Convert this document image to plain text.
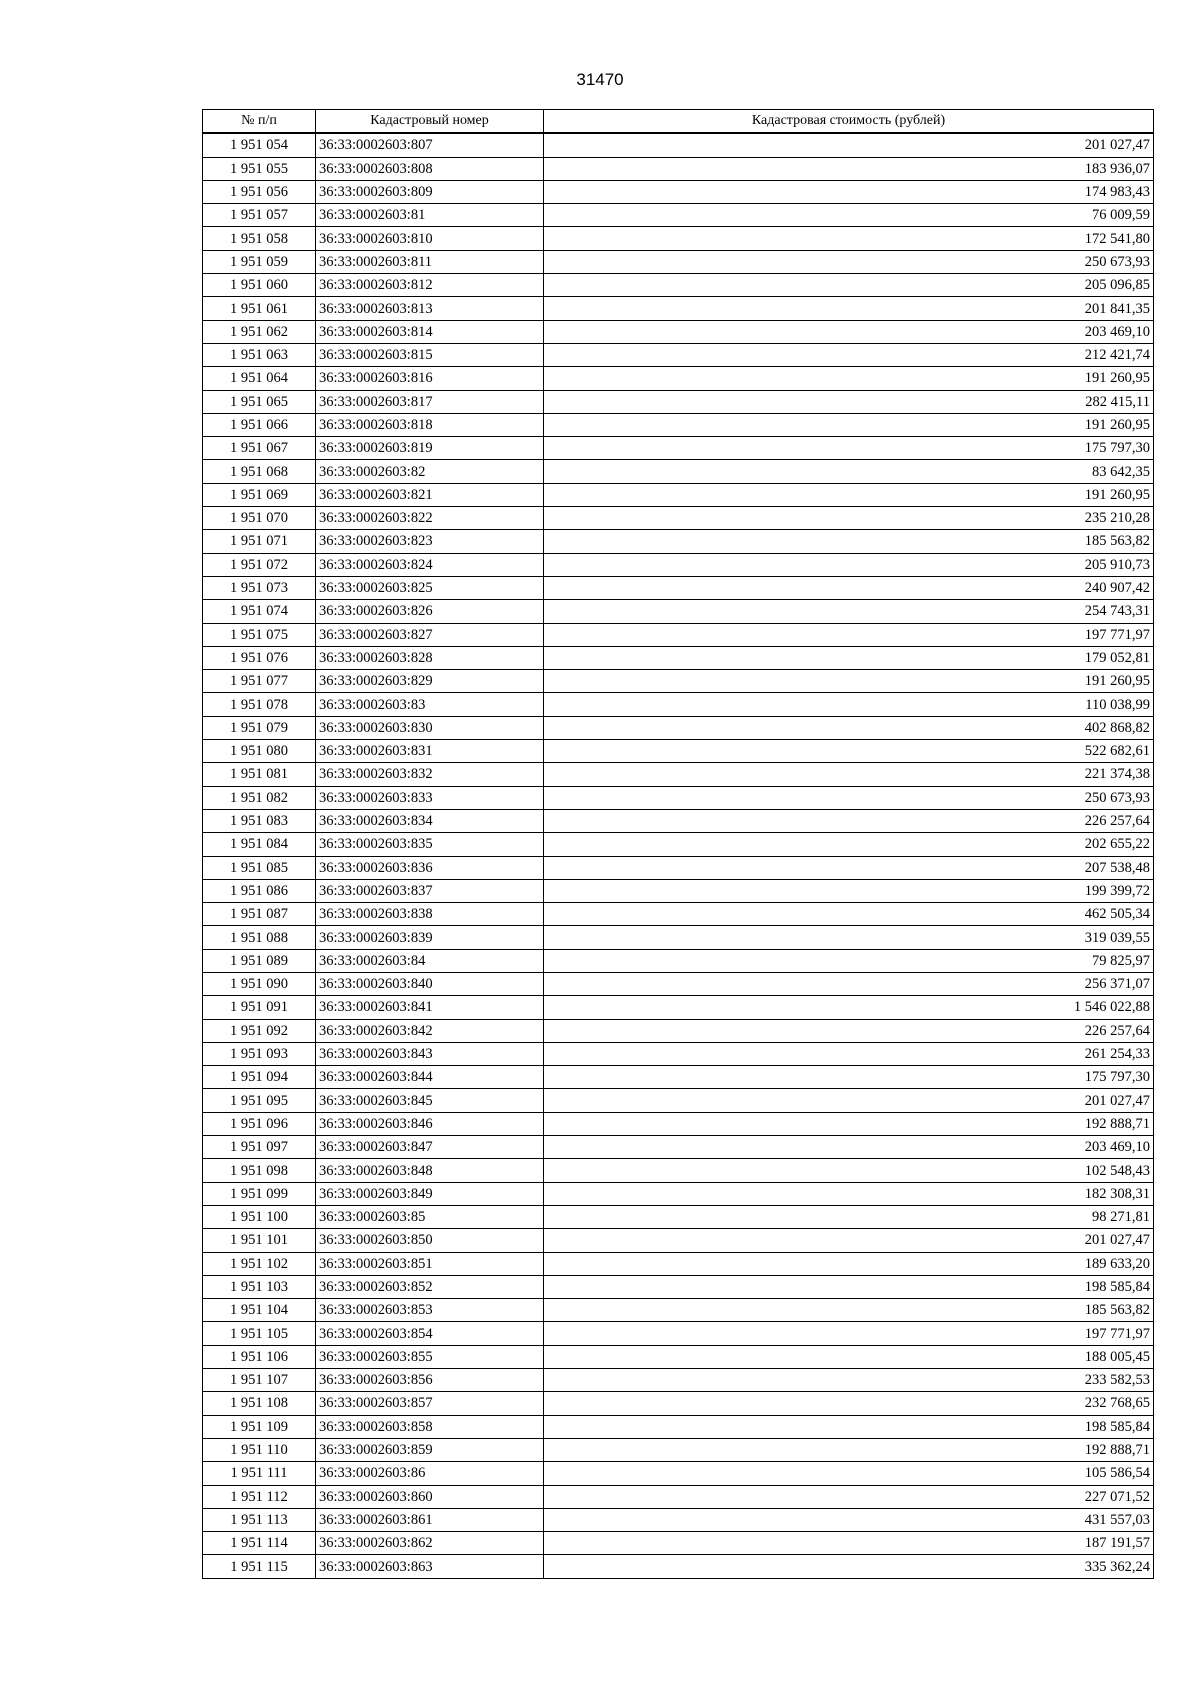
31470
№ п/п	Кадастровый номер	Кадастровая стоимость (рублей)
1 951 054	36:33:0002603:807	201 027,47
1 951 055	36:33:0002603:808	183 936,07
1 951 056	36:33:0002603:809	174 983,43
1 951 057	36:33:0002603:81	76 009,59
1 951 058	36:33:0002603:810	172 541,80
1 951 059	36:33:0002603:811	250 673,93
1 951 060	36:33:0002603:812	205 096,85
1 951 061	36:33:0002603:813	201 841,35
1 951 062	36:33:0002603:814	203 469,10
1 951 063	36:33:0002603:815	212 421,74
1 951 064	36:33:0002603:816	191 260,95
1 951 065	36:33:0002603:817	282 415,11
1 951 066	36:33:0002603:818	191 260,95
1 951 067	36:33:0002603:819	175 797,30
1 951 068	36:33:0002603:82	83 642,35
1 951 069	36:33:0002603:821	191 260,95
1 951 070	36:33:0002603:822	235 210,28
1 951 071	36:33:0002603:823	185 563,82
1 951 072	36:33:0002603:824	205 910,73
1 951 073	36:33:0002603:825	240 907,42
1 951 074	36:33:0002603:826	254 743,31
1 951 075	36:33:0002603:827	197 771,97
1 951 076	36:33:0002603:828	179 052,81
1 951 077	36:33:0002603:829	191 260,95
1 951 078	36:33:0002603:83	110 038,99
1 951 079	36:33:0002603:830	402 868,82
1 951 080	36:33:0002603:831	522 682,61
1 951 081	36:33:0002603:832	221 374,38
1 951 082	36:33:0002603:833	250 673,93
1 951 083	36:33:0002603:834	226 257,64
1 951 084	36:33:0002603:835	202 655,22
1 951 085	36:33:0002603:836	207 538,48
1 951 086	36:33:0002603:837	199 399,72
1 951 087	36:33:0002603:838	462 505,34
1 951 088	36:33:0002603:839	319 039,55
1 951 089	36:33:0002603:84	79 825,97
1 951 090	36:33:0002603:840	256 371,07
1 951 091	36:33:0002603:841	1 546 022,88
1 951 092	36:33:0002603:842	226 257,64
1 951 093	36:33:0002603:843	261 254,33
1 951 094	36:33:0002603:844	175 797,30
1 951 095	36:33:0002603:845	201 027,47
1 951 096	36:33:0002603:846	192 888,71
1 951 097	36:33:0002603:847	203 469,10
1 951 098	36:33:0002603:848	102 548,43
1 951 099	36:33:0002603:849	182 308,31
1 951 100	36:33:0002603:85	98 271,81
1 951 101	36:33:0002603:850	201 027,47
1 951 102	36:33:0002603:851	189 633,20
1 951 103	36:33:0002603:852	198 585,84
1 951 104	36:33:0002603:853	185 563,82
1 951 105	36:33:0002603:854	197 771,97
1 951 106	36:33:0002603:855	188 005,45
1 951 107	36:33:0002603:856	233 582,53
1 951 108	36:33:0002603:857	232 768,65
1 951 109	36:33:0002603:858	198 585,84
1 951 110	36:33:0002603:859	192 888,71
1 951 111	36:33:0002603:86	105 586,54
1 951 112	36:33:0002603:860	227 071,52
1 951 113	36:33:0002603:861	431 557,03
1 951 114	36:33:0002603:862	187 191,57
1 951 115	36:33:0002603:863	335 362,24
